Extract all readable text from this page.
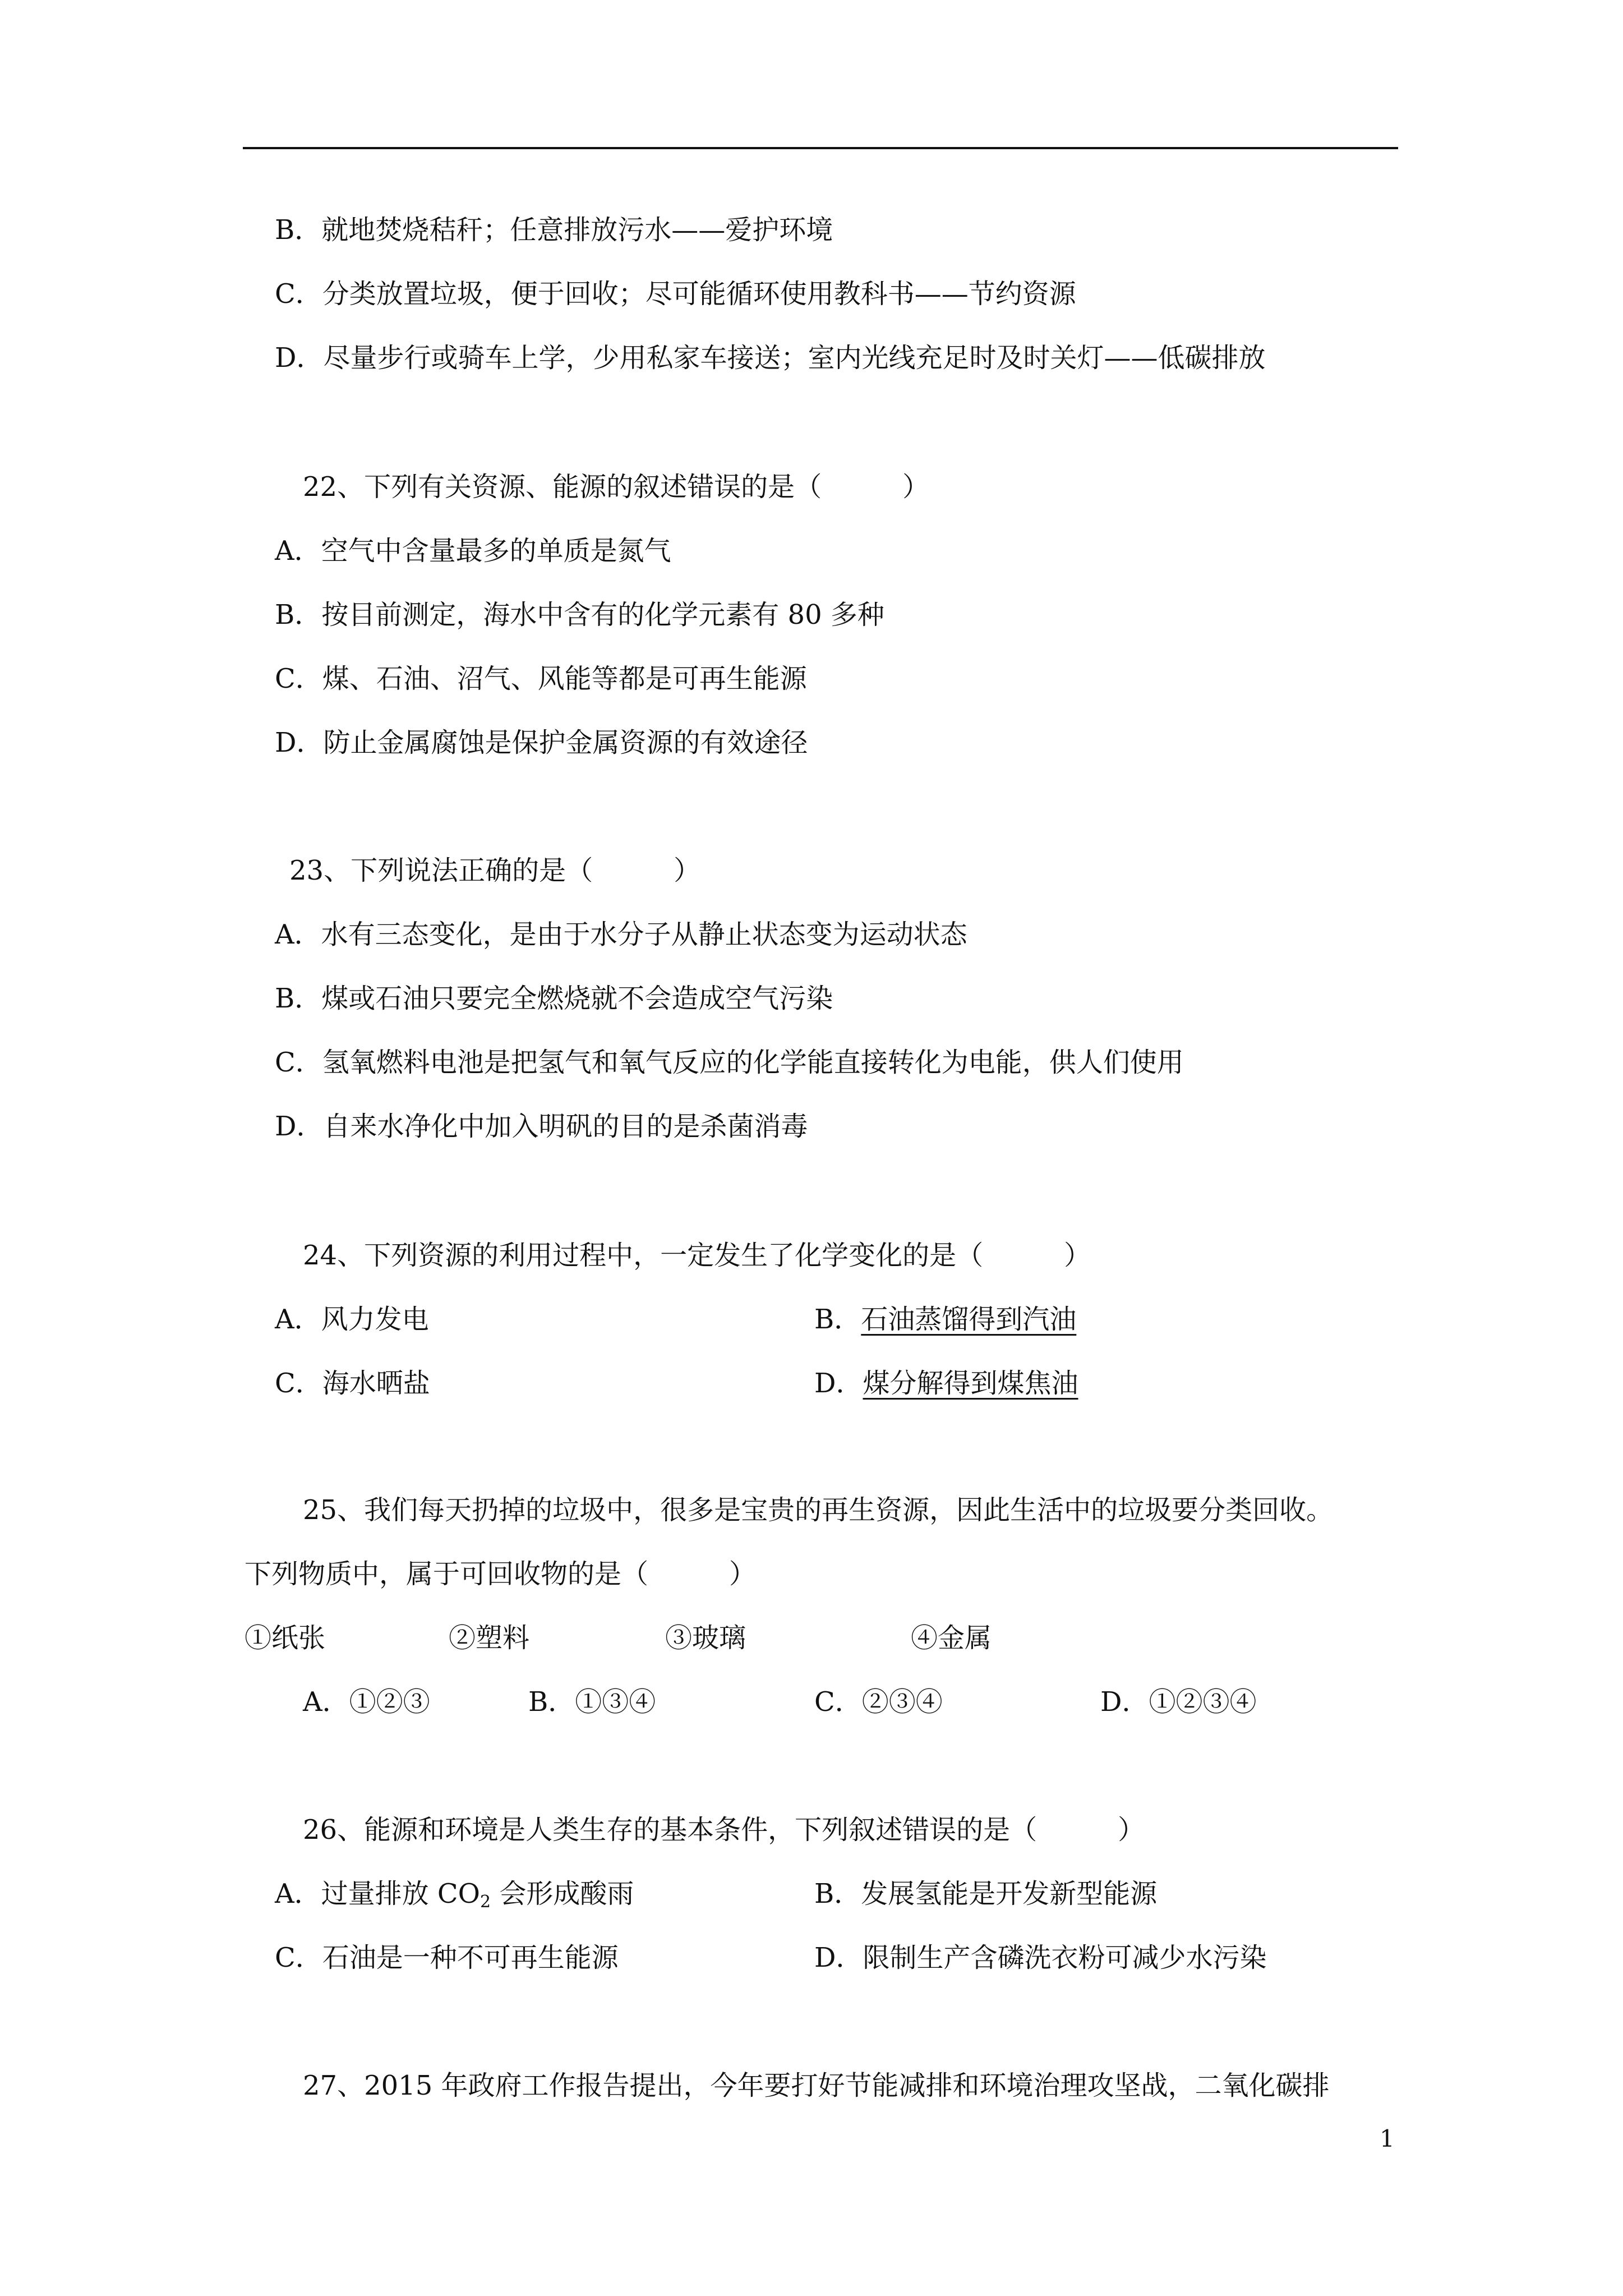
B．就地焚烧秸秆；任意排放污水——爱护环境
C．分类放置垃圾，便于回收；尽可能循环使用教科书——节约资源
D．尽量步行或骑车上学，少用私家车接送；室内光线充足时及时关灯——低碳排放
22、下列有关资源、能源的叙述错误的是（　　　）
A．空气中含量最多的单质是氮气
B．按目前测定，海水中含有的化学元素有 80 多种
C．煤、石油、沼气、风能等都是可再生能源
D．防止金属腐蚀是保护金属资源的有效途径
23、下列说法正确的是（　　　）
A．水有三态变化，是由于水分子从静止状态变为运动状态
B．煤或石油只要完全燃烧就不会造成空气污染
C．氢氧燃料电池是把氢气和氧气反应的化学能直接转化为电能，供人们使用
D．自来水净化中加入明矾的目的是杀菌消毒
24、下列资源的利用过程中，一定发生了化学变化的是（　　　）
A．风力发电	B．石油蒸馏得到汽油
C．海水晒盐	D．煤分解得到煤焦油
25、我们每天扔掉的垃圾中，很多是宝贵的再生资源，因此生活中的垃圾要分类回收。
下列物质中，属于可回收物的是（　　　）
①纸张	②塑料	③玻璃	④金属
A．①②③	B．①③④	C．②③④	D．①②③④
26、能源和环境是人类生存的基本条件，下列叙述错误的是（　　　）
A．过量排放 $CO_2$ 会形成酸雨	B．发展氢能是开发新型能源
C．石油是一种不可再生能源	D．限制生产含磷洗衣粉可减少水污染
27、2015 年政府工作报告提出，今年要打好节能减排和环境治理攻坚战，二氧化碳排
1
